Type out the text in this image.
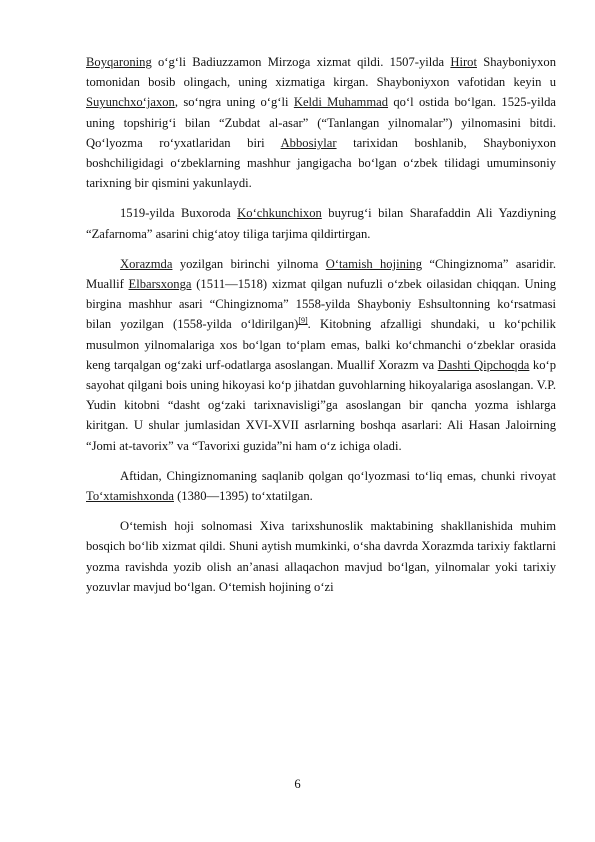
Boyqaroning o‘g‘li Badiuzzamon Mirzoga xizmat qildi. 1507-yilda Hirot Shayboniyxon tomonidan bosib olingach, uning xizmatiga kirgan. Shayboniyxon vafotidan keyin u Suyunchxo‘jaxon, so‘ngra uning o‘g‘li Keldi Muhammad qo‘l ostida bo‘lgan. 1525-yilda uning topshirig‘i bilan “Zubdat al-asar” (“Tanlangan yilnomalar”) yilnomasini bitdi. Qo‘lyozma ro‘yxatlaridan biri Abbosiylar tarixidan boshlanib, Shayboniyxon boshchiligidagi o‘zbeklarning mashhur jangigacha bo‘lgan o‘zbek tilidagi umuminsoniy tarixning bir qismini yakunlaydi.

1519-yilda Buxoroda Ko‘chkunchixon buyrug‘i bilan Sharafaddin Ali Yazdiyning “Zafarnoma” asarini chig‘atoy tiliga tarjima qildirtirgan.

Xorazmda yozilgan birinchi yilnoma O‘tamish hojining “Chingiznoma” asaridir. Muallif Elbarsxonga (1511—1518) xizmat qilgan nufuzli o‘zbek oilasidan chiqqan. Uning birgina mashhur asari “Chingiznoma” 1558-yilda Shayboniy Eshsultonning ko‘rsatmasi bilan yozilgan (1558-yilda o‘ldirilgan)[9]. Kitobning afzalligi shundaki, u ko‘pchilik musulmon yilnomalariga xos bo‘lgan to‘plam emas, balki ko‘chmanchi o‘zbeklar orasida keng tarqalgan og‘zaki urf-odatlarga asoslangan. Muallif Xorazm va Dashti Qipchoqda ko‘p sayohat qilgani bois uning hikoyasi ko‘p jihatdan guvohlarning hikoyalariga asoslangan. V.P. Yudin kitobni “dasht og‘zaki tarixnavisligi”ga asoslangan bir qancha yozma ishlarga kiritgan. U shular jumlasidan XVI-XVII asrlarning boshqa asarlari: Ali Hasan Jaloirning “Jomi at-tavorix” va “Tavorixi guzida”ni ham o‘z ichiga oladi.

Aftidan, Chingiznomaning saqlanib qolgan qo‘lyozmasi to‘liq emas, chunki rivoyat To‘xtamishxonda (1380—1395) to‘xtatilgan.

O‘temish hoji solnomasi Xiva tarixshunoslik maktabining shakllanishida muhim bosqich bo‘lib xizmat qildi. Shuni aytish mumkinki, o‘sha davrda Xorazmda tarixiy faktlarni yozma ravishda yozib olish an’anasi allaqachon mavjud bo‘lgan, yilnomalar yoki tarixiy yozuvlar mavjud bo‘lgan. O‘temish hojining o‘zi

6
